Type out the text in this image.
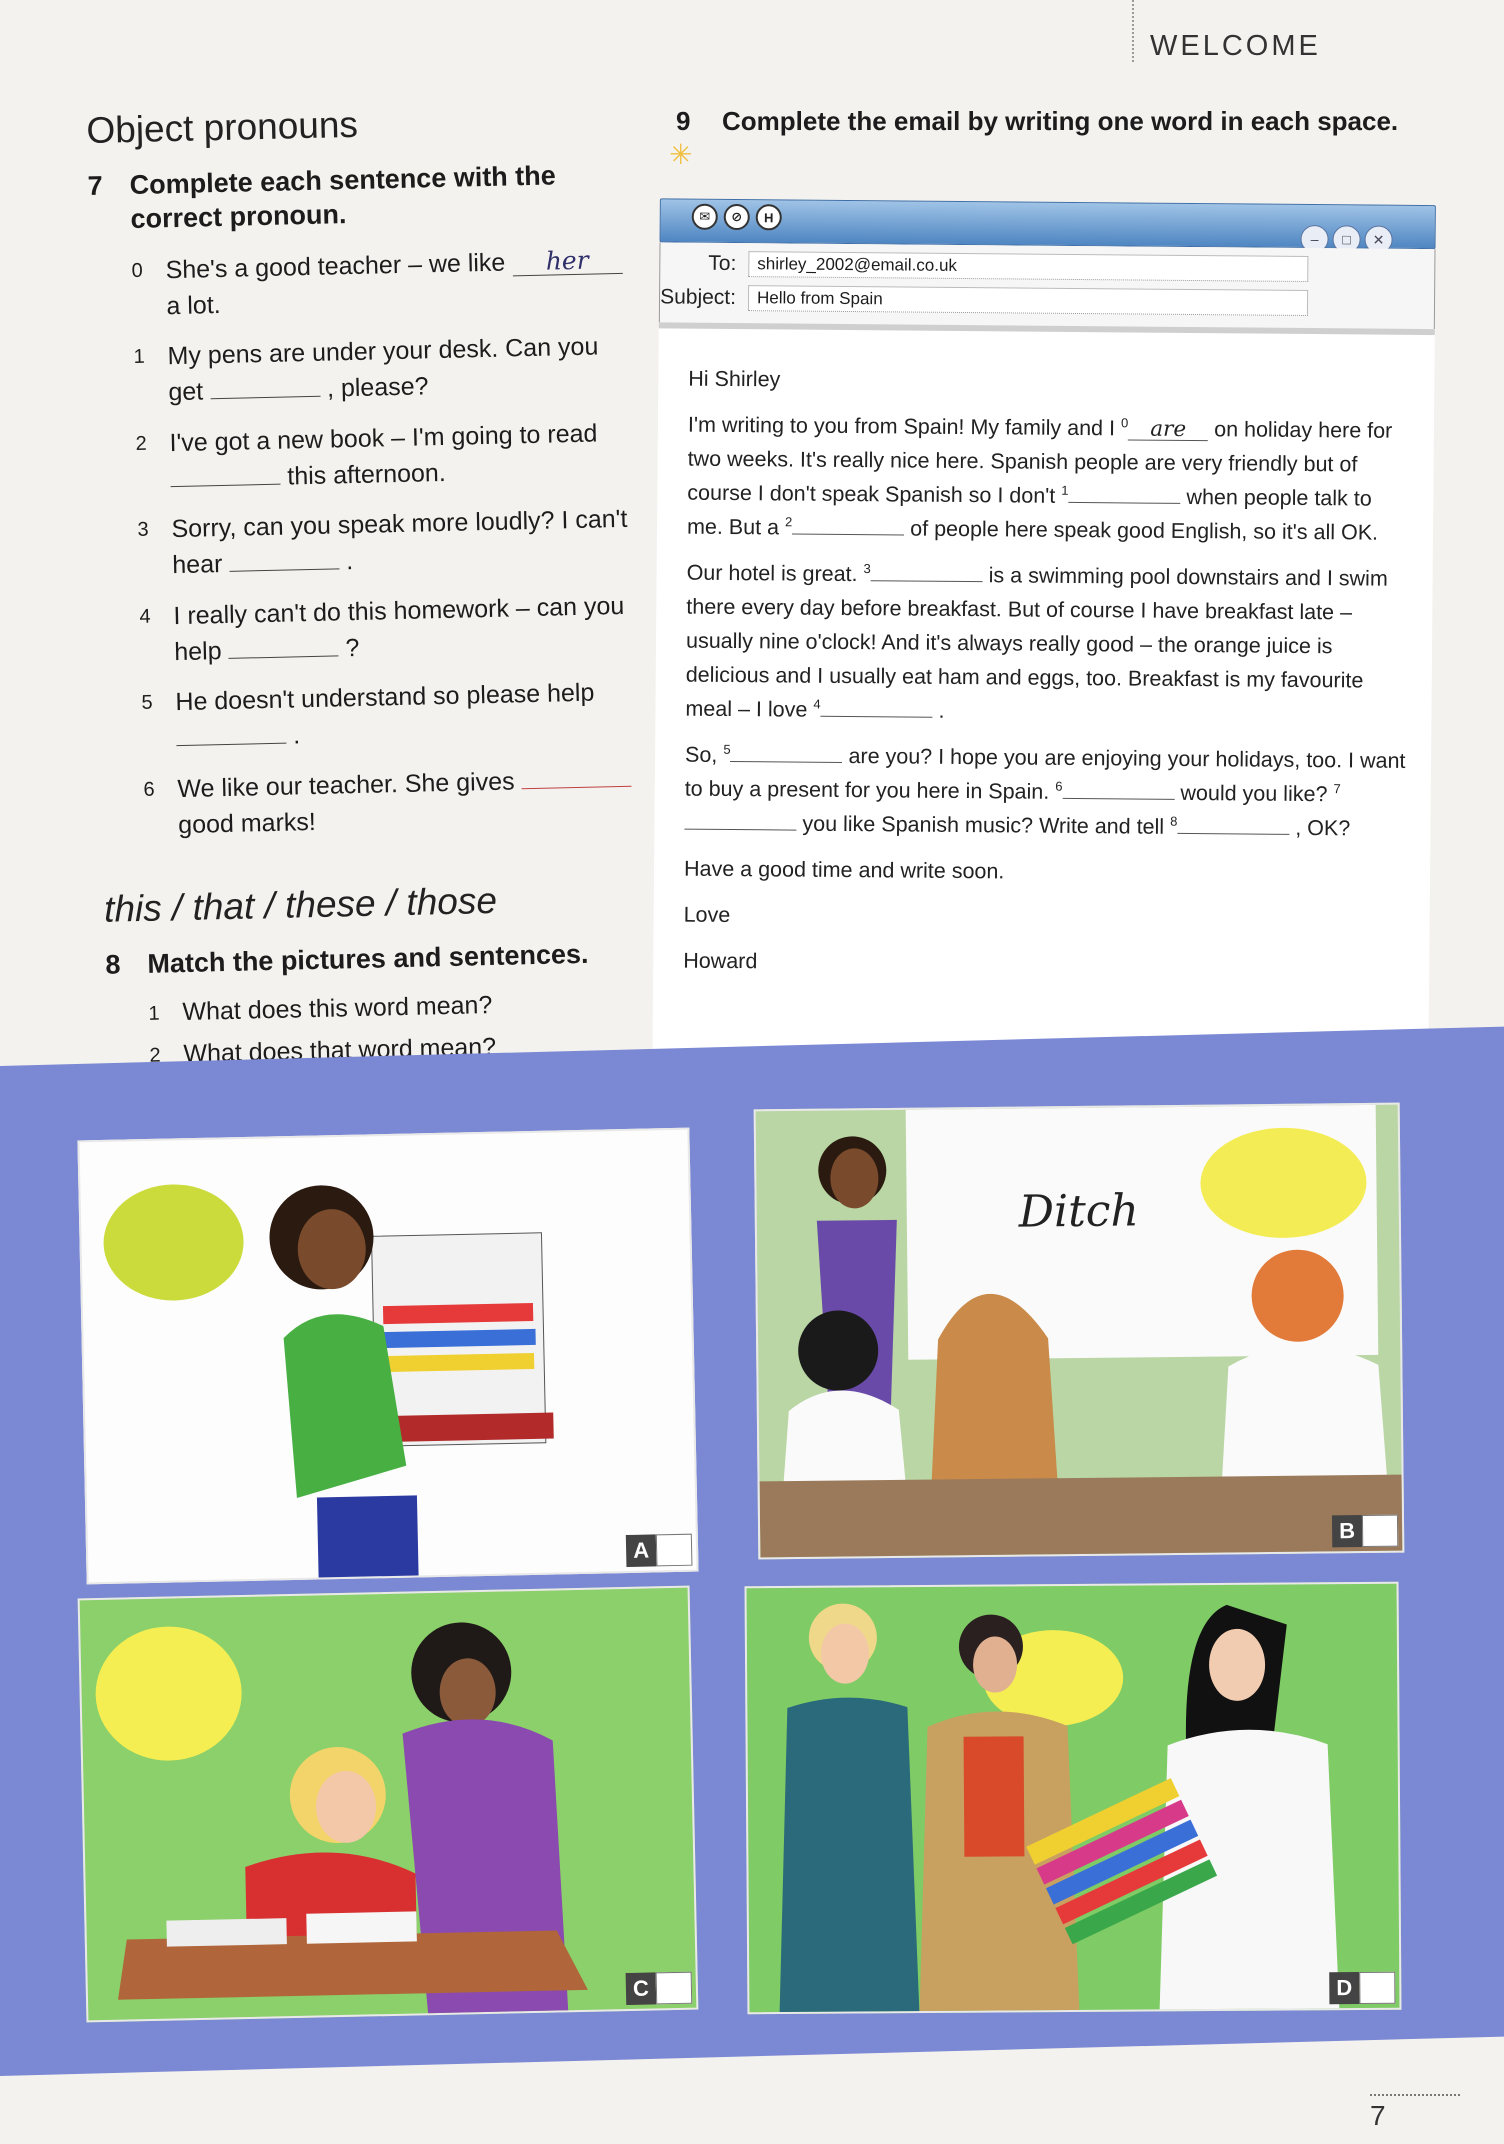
WELCOME
Object pronouns
7 Complete each sentence with the correct pronoun.
0 She's a good teacher – we like her a lot.
1 My pens are under your desk. Can you get	, please?
2 I've got a new book – I'm going to read  this afternoon.
3 Sorry, can you speak more loudly? I can't hear	.
4 I really can't do this homework – can you help	?
5 He doesn't understand so please help  .
6 We like our teacher. She gives  good marks!
this / that / these / those
8 Match the pictures and sentences.
1 What does this word mean?
2 What does that word mean?
9	Complete the email by writing one word in each space.
✳
–	□	✕
✉	⊘	H
To:	shirley_2002@email.co.uk
Subject:	Hello from Spain

Hi Shirley

I'm writing to you from Spain! My family and I $^0$ are on holiday here for two weeks. It's really nice here. Spanish people are very friendly but of course I don't speak Spanish so I don't $^1$	when people talk to me. But a $^2$	of people here speak good English, so it's all OK.

Our hotel is great. $^3$	is a swimming pool downstairs and I swim there every day before breakfast. But of course I have breakfast late – usually nine o'clock! And it's always really good – the orange juice is delicious and I usually eat ham and eggs, too. Breakfast is my favourite meal – I love $^4$	.

So, $^5$	are you? I hope you are enjoying your holidays, too. I want to buy a present for you here in Spain. $^6$	would you like? $^7$ you like Spanish music? Write and tell $^8$	, OK?

Have a good time and write soon.

Love

Howard

A
Ditch
B
C	D
7
